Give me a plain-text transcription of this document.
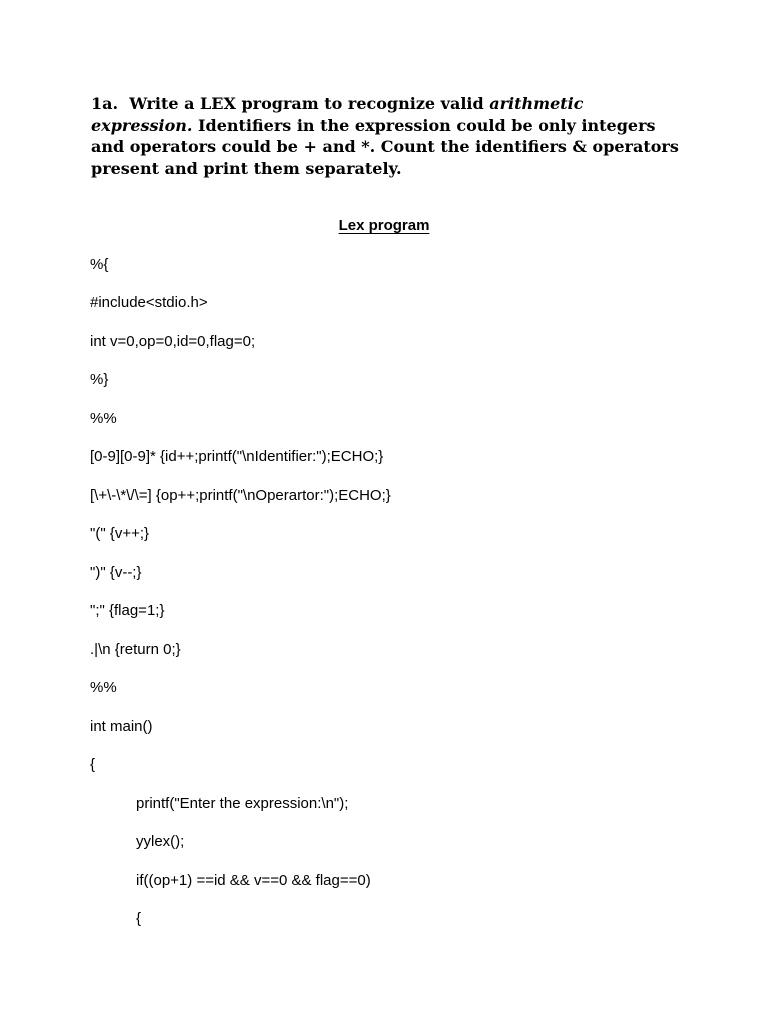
1a. Write a LEX program to recognize valid arithmetic expression. Identifiers in the expression could be only integers and operators could be + and *. Count the identifiers & operators present and print them separately.
Lex program
%{
#include<stdio.h>
int v=0,op=0,id=0,flag=0;
%}
%%
[0-9][0-9]* {id++;printf("\nIdentifier:");ECHO;}
[\+\-\*\/\=] {op++;printf("\nOperartor:");ECHO;}
"(" {v++;}
")" {v--;}
";" {flag=1;}
.|\n {return 0;}
%%
int main()
{
printf("Enter the expression:\n");
yylex();
if((op+1) ==id && v==0 && flag==0)
{
